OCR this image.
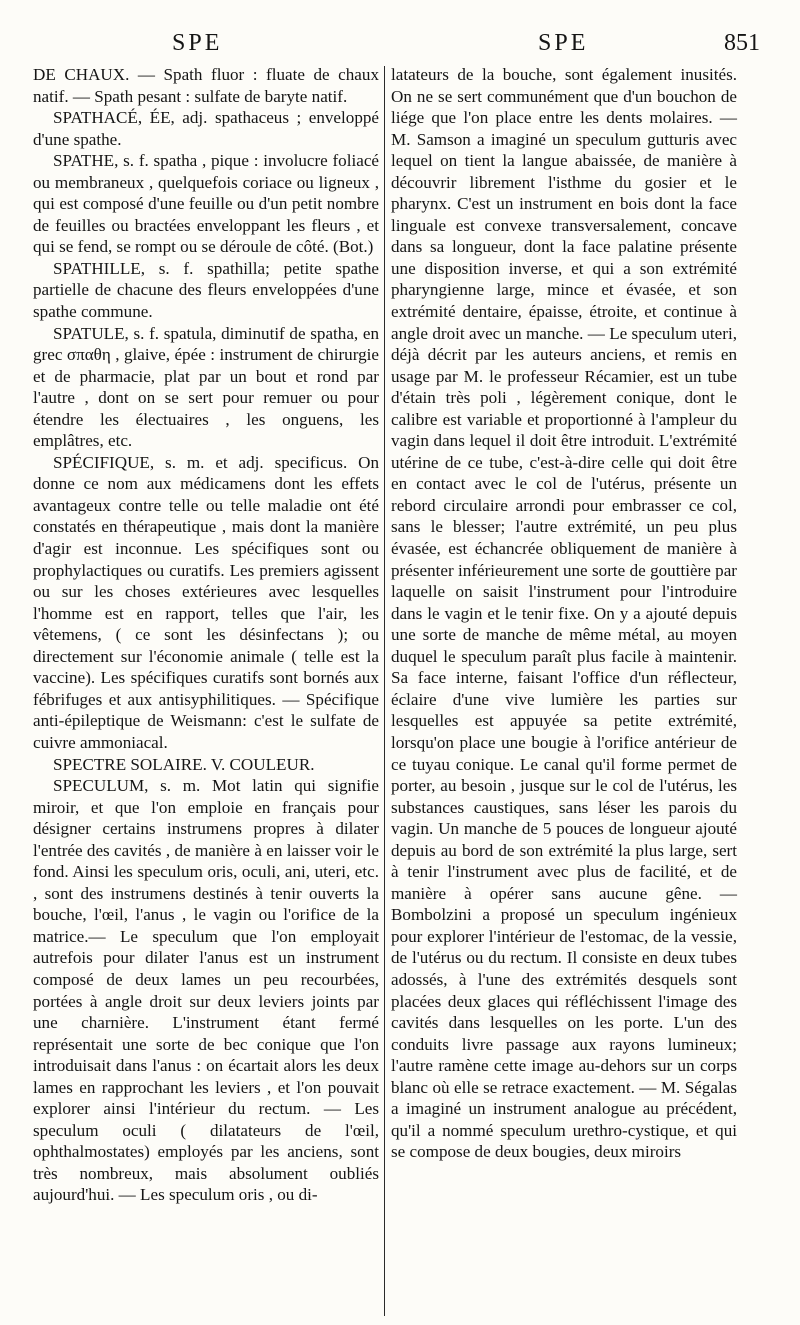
SPE	SPE	851

DE CHAUX. — Spath fluor : fluate de chaux natif. — Spath pesant : sulfate de baryte natif.

SPATHACÉ, ÉE, adj. spathaceus ; enveloppé d'une spathe.

SPATHE, s. f. spatha , pique : involucre foliacé ou membraneux , quelquefois coriace ou ligneux , qui est composé d'une feuille ou d'un petit nombre de feuilles ou bractées enveloppant les fleurs , et qui se fend, se rompt ou se déroule de côté. (Bot.)

SPATHILLE, s. f. spathilla; petite spathe partielle de chacune des fleurs enveloppées d'une spathe commune.

SPATULE, s. f. spatula, diminutif de spatha, en grec σπαθη , glaive, épée : instrument de chirurgie et de pharmacie, plat par un bout et rond par l'autre , dont on se sert pour remuer ou pour étendre les électuaires , les onguens, les emplâtres, etc.

SPÉCIFIQUE, s. m. et adj. specificus. On donne ce nom aux médicamens dont les effets avantageux contre telle ou telle maladie ont été constatés en thérapeutique , mais dont la manière d'agir est inconnue. Les spécifiques sont ou prophylactiques ou curatifs. Les premiers agissent ou sur les choses extérieures avec lesquelles l'homme est en rapport, telles que l'air, les vêtemens, ( ce sont les désinfectans ); ou directement sur l'économie animale ( telle est la vaccine). Les spécifiques curatifs sont bornés aux fébrifuges et aux antisyphilitiques. — Spécifique anti-épileptique de Weismann: c'est le sulfate de cuivre ammoniacal.

SPECTRE SOLAIRE. V. COULEUR.

SPECULUM, s. m. Mot latin qui signifie miroir, et que l'on emploie en français pour désigner certains instrumens propres à dilater l'entrée des cavités , de manière à en laisser voir le fond. Ainsi les speculum oris, oculi, ani, uteri, etc. , sont des instrumens destinés à tenir ouverts la bouche, l'œil, l'anus , le vagin ou l'orifice de la matrice.— Le speculum que l'on employait autrefois pour dilater l'anus est un instrument composé de deux lames un peu recourbées, portées à angle droit sur deux leviers joints par une charnière. L'instrument étant fermé représentait une sorte de bec conique que l'on introduisait dans l'anus : on écartait alors les deux lames en rapprochant les leviers , et l'on pouvait explorer ainsi l'intérieur du rectum. — Les speculum oculi ( dilatateurs de l'œil, ophthalmostates) employés par les anciens, sont très nombreux, mais absolument oubliés aujourd'hui. — Les speculum oris , ou di-

latateurs de la bouche, sont également inusités. On ne se sert communément que d'un bouchon de liége que l'on place entre les dents molaires. — M. Samson a imaginé un speculum gutturis avec lequel on tient la langue abaissée, de manière à découvrir librement l'isthme du gosier et le pharynx. C'est un instrument en bois dont la face linguale est convexe transversalement, concave dans sa longueur, dont la face palatine présente une disposition inverse, et qui a son extrémité pharyngienne large, mince et évasée, et son extrémité dentaire, épaisse, étroite, et continue à angle droit avec un manche. — Le speculum uteri, déjà décrit par les auteurs anciens, et remis en usage par M. le professeur Récamier, est un tube d'étain très poli , légèrement conique, dont le calibre est variable et proportionné à l'ampleur du vagin dans lequel il doit être introduit. L'extrémité utérine de ce tube, c'est-à-dire celle qui doit être en contact avec le col de l'utérus, présente un rebord circulaire arrondi pour embrasser ce col, sans le blesser; l'autre extrémité, un peu plus évasée, est échancrée obliquement de manière à présenter inférieurement une sorte de gouttière par laquelle on saisit l'instrument pour l'introduire dans le vagin et le tenir fixe. On y a ajouté depuis une sorte de manche de même métal, au moyen duquel le speculum paraît plus facile à maintenir. Sa face interne, faisant l'office d'un réflecteur, éclaire d'une vive lumière les parties sur lesquelles est appuyée sa petite extrémité, lorsqu'on place une bougie à l'orifice antérieur de ce tuyau conique. Le canal qu'il forme permet de porter, au besoin , jusque sur le col de l'utérus, les substances caustiques, sans léser les parois du vagin. Un manche de 5 pouces de longueur ajouté depuis au bord de son extrémité la plus large, sert à tenir l'instrument avec plus de facilité, et de manière à opérer sans aucune gêne. — Bombolzini a proposé un speculum ingénieux pour explorer l'intérieur de l'estomac, de la vessie, de l'utérus ou du rectum. Il consiste en deux tubes adossés, à l'une des extrémités desquels sont placées deux glaces qui réfléchissent l'image des cavités dans lesquelles on les porte. L'un des conduits livre passage aux rayons lumineux; l'autre ramène cette image au-dehors sur un corps blanc où elle se retrace exactement. — M. Ségalas a imaginé un instrument analogue au précédent, qu'il a nommé speculum urethro-cystique, et qui se compose de deux bougies, deux miroirs
